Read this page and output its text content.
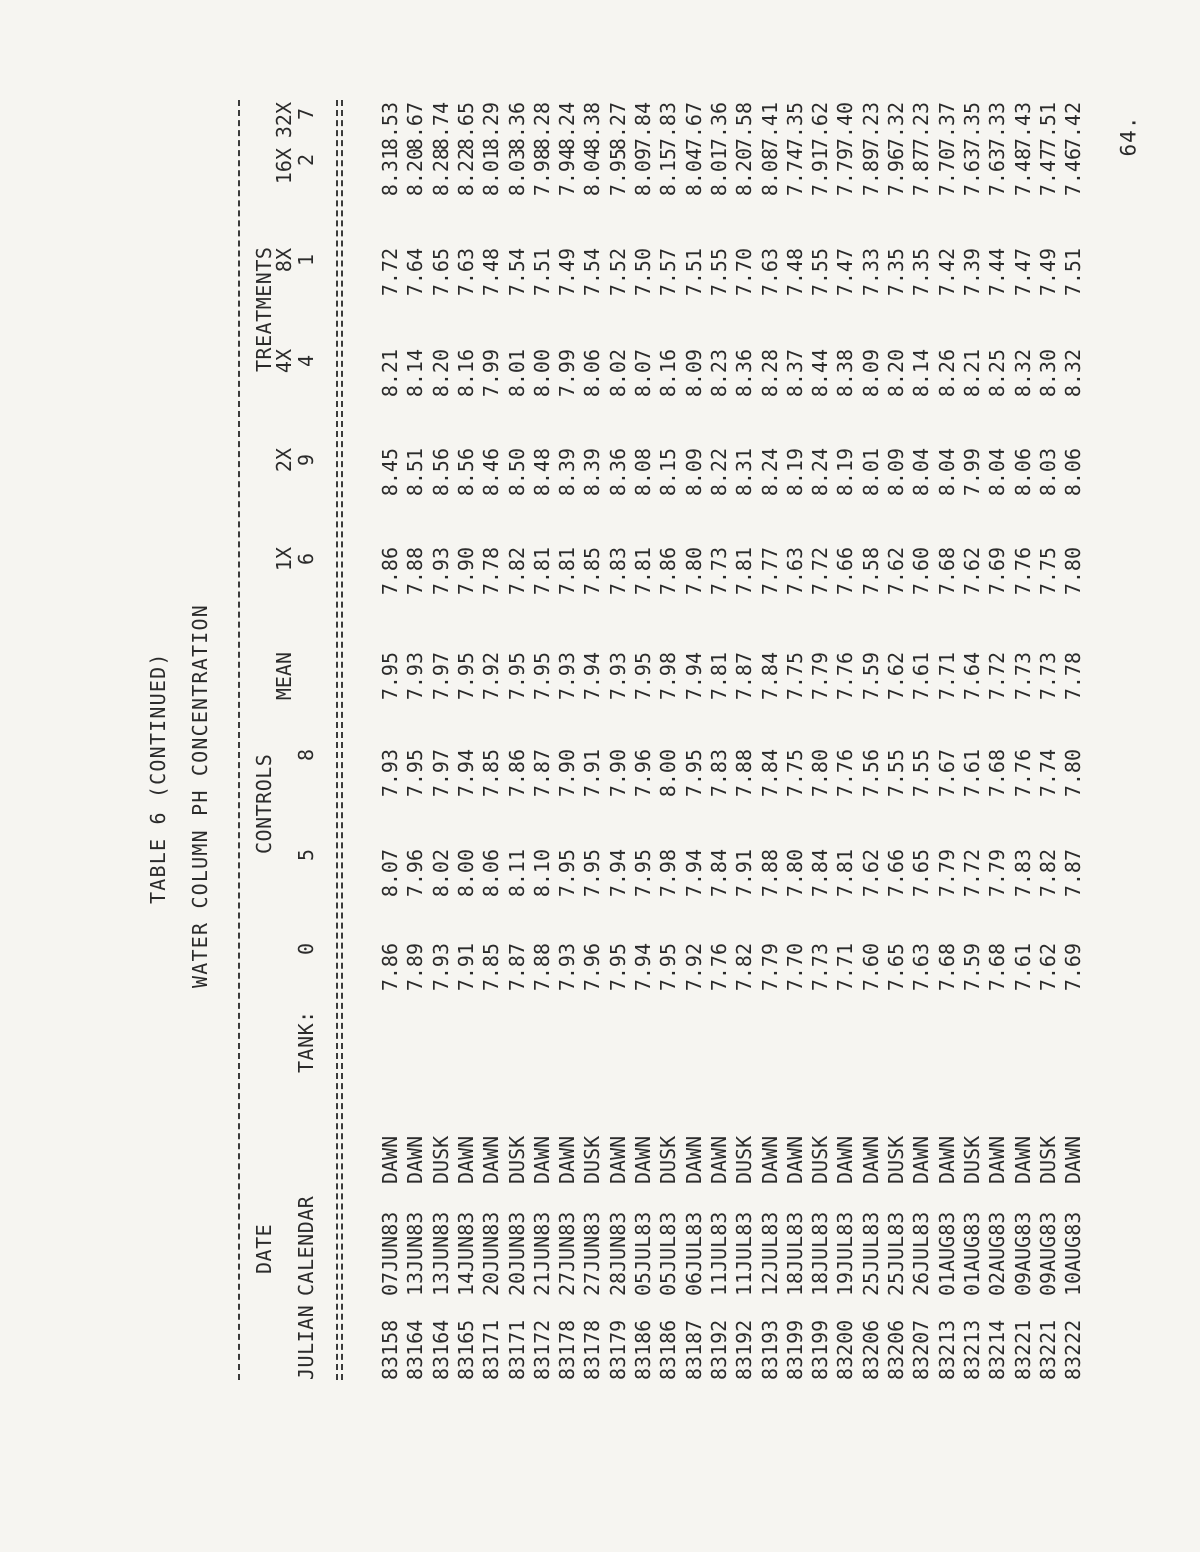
64.
TABLE 6 (CONTINUED) WATER COLUMN PH CONCENTRATION
DATE
CONTROLS
TREATMENTS
JULIAN
CALENDAR
TANK:
0
5
8
MEAN
1X
6
2X
9
4X
4
8X
1
16X
2
32X
7
83158
07JUN83
DAWN
7.86
8.07
7.93
7.95
7.86
8.45
8.21
7.72
8.31
8.53
83164
13JUN83
DAWN
7.89
7.96
7.95
7.93
7.88
8.51
8.14
7.64
8.20
8.67
83164
13JUN83
DUSK
7.93
8.02
7.97
7.97
7.93
8.56
8.20
7.65
8.28
8.74
83165
14JUN83
DAWN
7.91
8.00
7.94
7.95
7.90
8.56
8.16
7.63
8.22
8.65
83171
20JUN83
DAWN
7.85
8.06
7.85
7.92
7.78
8.46
7.99
7.48
8.01
8.29
83171
20JUN83
DUSK
7.87
8.11
7.86
7.95
7.82
8.50
8.01
7.54
8.03
8.36
83172
21JUN83
DAWN
7.88
8.10
7.87
7.95
7.81
8.48
8.00
7.51
7.98
8.28
83178
27JUN83
DAWN
7.93
7.95
7.90
7.93
7.81
8.39
7.99
7.49
7.94
8.24
83178
27JUN83
DUSK
7.96
7.95
7.91
7.94
7.85
8.39
8.06
7.54
8.04
8.38
83179
28JUN83
DAWN
7.95
7.94
7.90
7.93
7.83
8.36
8.02
7.52
7.95
8.27
83186
05JUL83
DAWN
7.94
7.95
7.96
7.95
7.81
8.08
8.07
7.50
8.09
7.84
83186
05JUL83
DUSK
7.95
7.98
8.00
7.98
7.86
8.15
8.16
7.57
8.15
7.83
83187
06JUL83
DAWN
7.92
7.94
7.95
7.94
7.80
8.09
8.09
7.51
8.04
7.67
83192
11JUL83
DAWN
7.76
7.84
7.83
7.81
7.73
8.22
8.23
7.55
8.01
7.36
83192
11JUL83
DUSK
7.82
7.91
7.88
7.87
7.81
8.31
8.36
7.70
8.20
7.58
83193
12JUL83
DAWN
7.79
7.88
7.84
7.84
7.77
8.24
8.28
7.63
8.08
7.41
83199
18JUL83
DAWN
7.70
7.80
7.75
7.75
7.63
8.19
8.37
7.48
7.74
7.35
83199
18JUL83
DUSK
7.73
7.84
7.80
7.79
7.72
8.24
8.44
7.55
7.91
7.62
83200
19JUL83
DAWN
7.71
7.81
7.76
7.76
7.66
8.19
8.38
7.47
7.79
7.40
83206
25JUL83
DAWN
7.60
7.62
7.56
7.59
7.58
8.01
8.09
7.33
7.89
7.23
83206
25JUL83
DUSK
7.65
7.66
7.55
7.62
7.62
8.09
8.20
7.35
7.96
7.32
83207
26JUL83
DAWN
7.63
7.65
7.55
7.61
7.60
8.04
8.14
7.35
7.87
7.23
83213
01AUG83
DAWN
7.68
7.79
7.67
7.71
7.68
8.04
8.26
7.42
7.70
7.37
83213
01AUG83
DUSK
7.59
7.72
7.61
7.64
7.62
7.99
8.21
7.39
7.63
7.35
83214
02AUG83
DAWN
7.68
7.79
7.68
7.72
7.69
8.04
8.25
7.44
7.63
7.33
83221
09AUG83
DAWN
7.61
7.83
7.76
7.73
7.76
8.06
8.32
7.47
7.48
7.43
83221
09AUG83
DUSK
7.62
7.82
7.74
7.73
7.75
8.03
8.30
7.49
7.47
7.51
83222
10AUG83
DAWN
7.69
7.87
7.80
7.78
7.80
8.06
8.32
7.51
7.46
7.42
